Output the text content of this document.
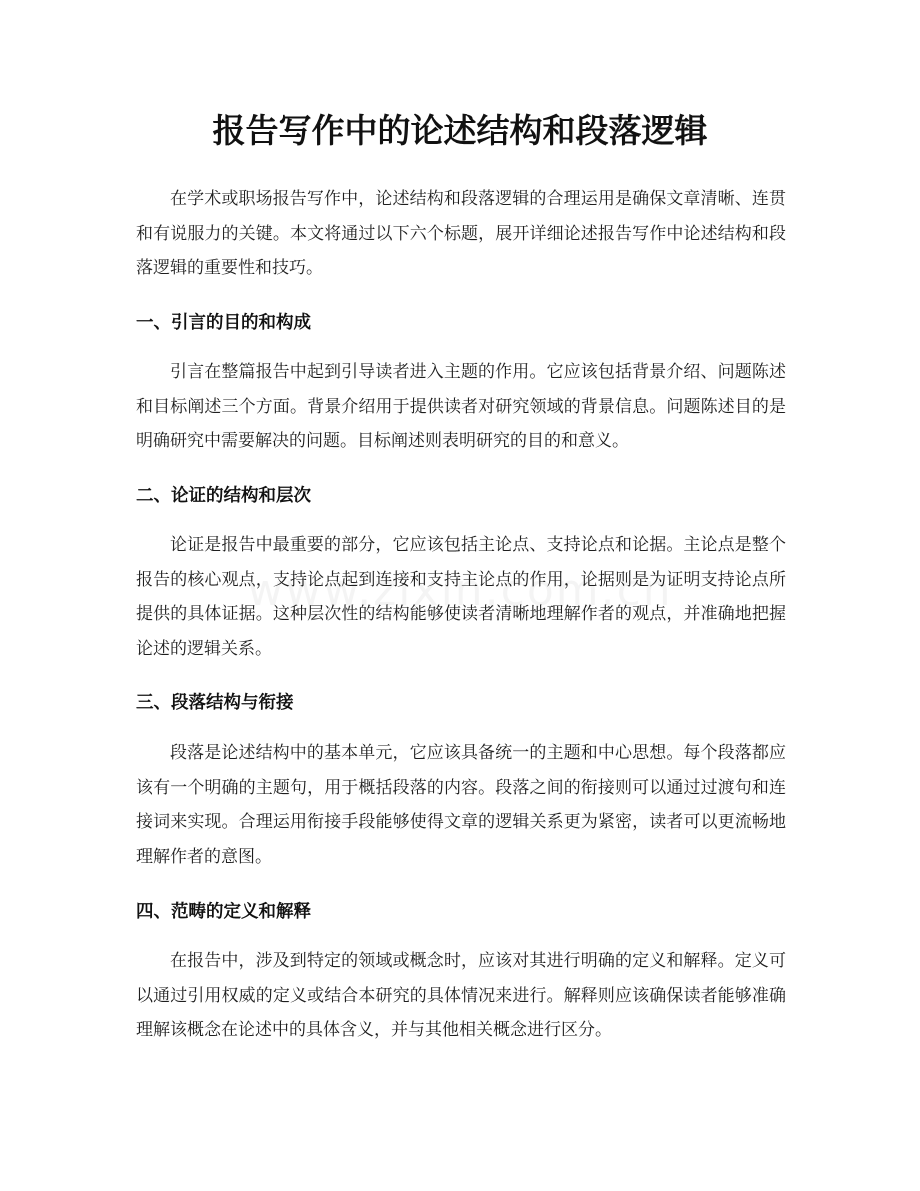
报告写作中的论述结构和段落逻辑

在学术或职场报告写作中，论述结构和段落逻辑的合理运用是确保文章清晰、连贯和有说服力的关键。本文将通过以下六个标题，展开详细论述报告写作中论述结构和段落逻辑的重要性和技巧。

一、引言的目的和构成

引言在整篇报告中起到引导读者进入主题的作用。它应该包括背景介绍、问题陈述和目标阐述三个方面。背景介绍用于提供读者对研究领域的背景信息。问题陈述目的是明确研究中需要解决的问题。目标阐述则表明研究的目的和意义。

二、论证的结构和层次

论证是报告中最重要的部分，它应该包括主论点、支持论点和论据。主论点是整个报告的核心观点，支持论点起到连接和支持主论点的作用，论据则是为证明支持论点所提供的具体证据。这种层次性的结构能够使读者清晰地理解作者的观点，并准确地把握论述的逻辑关系。

三、段落结构与衔接

段落是论述结构中的基本单元，它应该具备统一的主题和中心思想。每个段落都应该有一个明确的主题句，用于概括段落的内容。段落之间的衔接则可以通过过渡句和连接词来实现。合理运用衔接手段能够使得文章的逻辑关系更为紧密，读者可以更流畅地理解作者的意图。

四、范畴的定义和解释

在报告中，涉及到特定的领域或概念时，应该对其进行明确的定义和解释。定义可以通过引用权威的定义或结合本研究的具体情况来进行。解释则应该确保读者能够准确理解该概念在论述中的具体含义，并与其他相关概念进行区分。
